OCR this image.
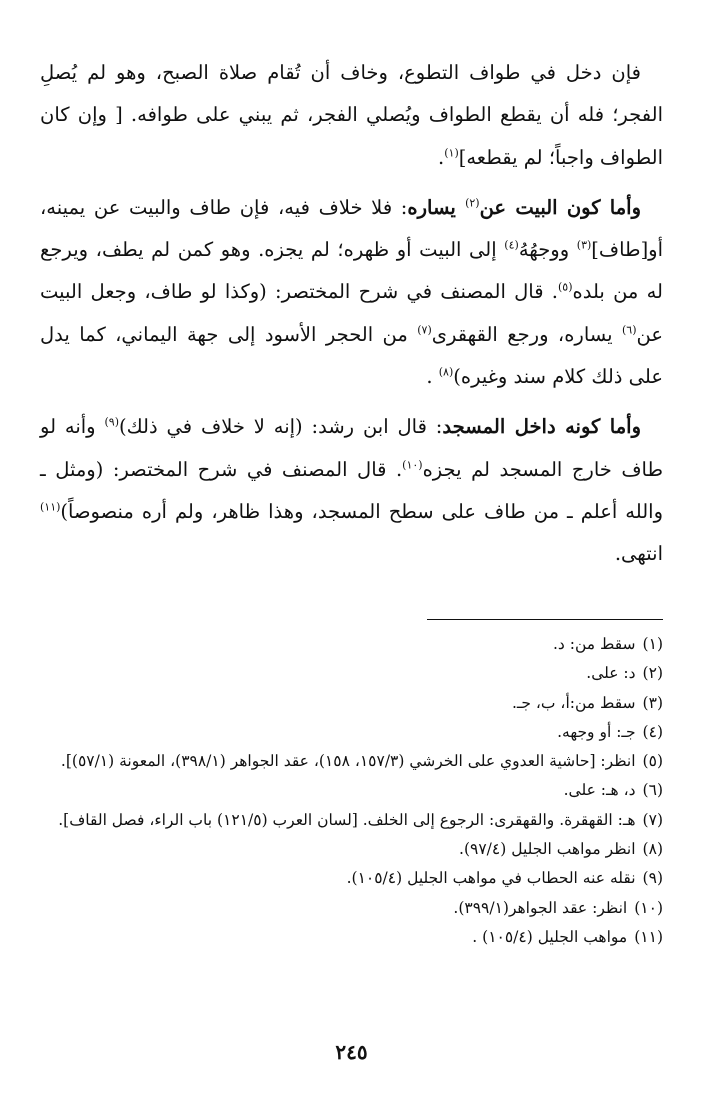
فإن دخل في طواف التطوع، وخاف أن تُقام صلاة الصبح، وهو لم يُصلِ الفجر؛ فله أن يقطع الطواف ويُصلي الفجر، ثم يبني على طوافه. [ وإن كان الطواف واجباً؛ لم يقطعه]$^{(١)}$.

وأما كون البيت عن$^{(٢)}$ يساره: فلا خلاف فيه، فإن طاف والبيت عن يمينه، أو[طاف]$^{(٣)}$ ووجهُهُ$^{(٤)}$ إلى البيت أو ظهره؛ لم يجزه. وهو كمن لم يطف، ويرجع له من بلده$^{(٥)}$. قال المصنف في شرح المختصر: (وكذا لو طاف، وجعل البيت عن$^{(٦)}$ يساره، ورجع القهقرى$^{(٧)}$ من الحجر الأسود إلى جهة اليماني، كما يدل على ذلك كلام سند وغيره)$^{(٨)}$ .

وأما كونه داخل المسجد: قال ابن رشد: (إنه لا خلاف في ذلك)$^{(٩)}$ وأنه لو طاف خارج المسجد لم يجزه$^{(١٠)}$. قال المصنف في شرح المختصر: (ومثل ـ والله أعلم ـ من طاف على سطح المسجد، وهذا ظاهر، ولم أره منصوصاً)$^{(١١)}$ انتهى.

(١)
سقط من: د.
(٢)
د: على.
(٣)
سقط من:أ، ب، جـ.
(٤)
جـ: أو وجهه.
(٥)
انظر: [حاشية العدوي على الخرشي (١٥٧/٣، ١٥٨)، عقد الجواهر (٣٩٨/١)، المعونة (٥٧/١)].
(٦)
د، هـ: على.
(٧)
هـ: القهقرة. والقهقرى: الرجوع إلى الخلف. [لسان العرب (١٢١/٥) باب الراء، فصل القاف].
(٨)
انظر مواهب الجليل (٩٧/٤).
(٩)
نقله عنه الحطاب في مواهب الجليل (١٠٥/٤).
(١٠)
انظر: عقد الجواهر(٣٩٩/١).
(١١)
مواهب الجليل (١٠٥/٤) .
٢٤٥
